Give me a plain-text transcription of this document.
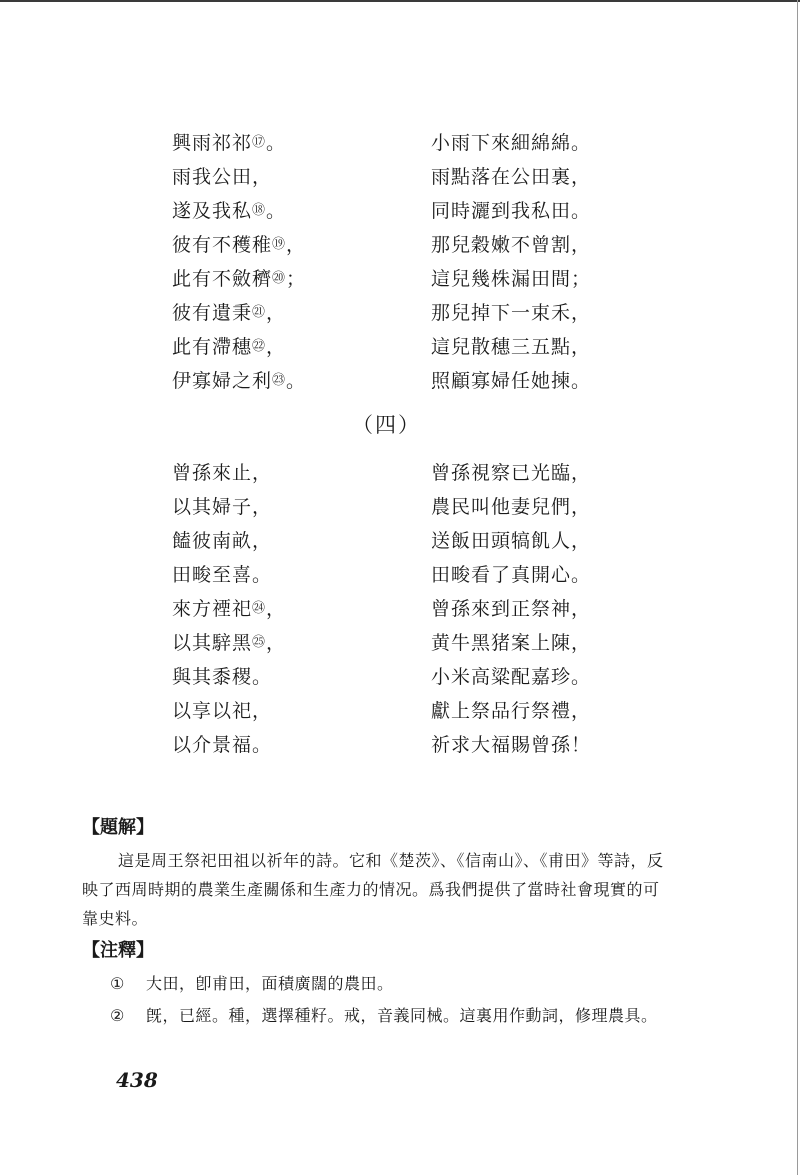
興雨祁祁⑰。	小雨下來細綿綿。
雨我公田，	雨點落在公田裏，
遂及我私⑱。	同時灑到我私田。
彼有不穫稚⑲，	那兒穀嫩不曾割，
此有不斂穧⑳；	這兒幾株漏田間；
彼有遺秉㉑，	那兒掉下一束禾，
此有滯穗㉒，	這兒散穗三五點，
伊寡婦之利㉓。	照顧寡婦任她揀。
（四）
曾孫來止，	曾孫視察已光臨，
以其婦子，	農民叫他妻兒們，
饁彼南畝，	送飯田頭犒飢人，
田畯至喜。	田畯看了真開心。
來方禋祀㉔，	曾孫來到正祭神，
以其騂黑㉕，	黄牛黑猪案上陳，
與其黍稷。	小米高粱配嘉珍。
以享以祀，	獻上祭品行祭禮，
以介景福。	祈求大福賜曾孫！
【題解】
這是周王祭祀田祖以祈年的詩。它和《楚茨》、《信南山》、《甫田》等詩，反映了西周時期的農業生產關係和生產力的情况。爲我們提供了當時社會現實的可靠史料。
【注釋】
①	大田，卽甫田，面積廣闊的農田。
②	旣，已經。種，選擇種籽。戒，音義同械。這裏用作動詞，修理農具。
438
